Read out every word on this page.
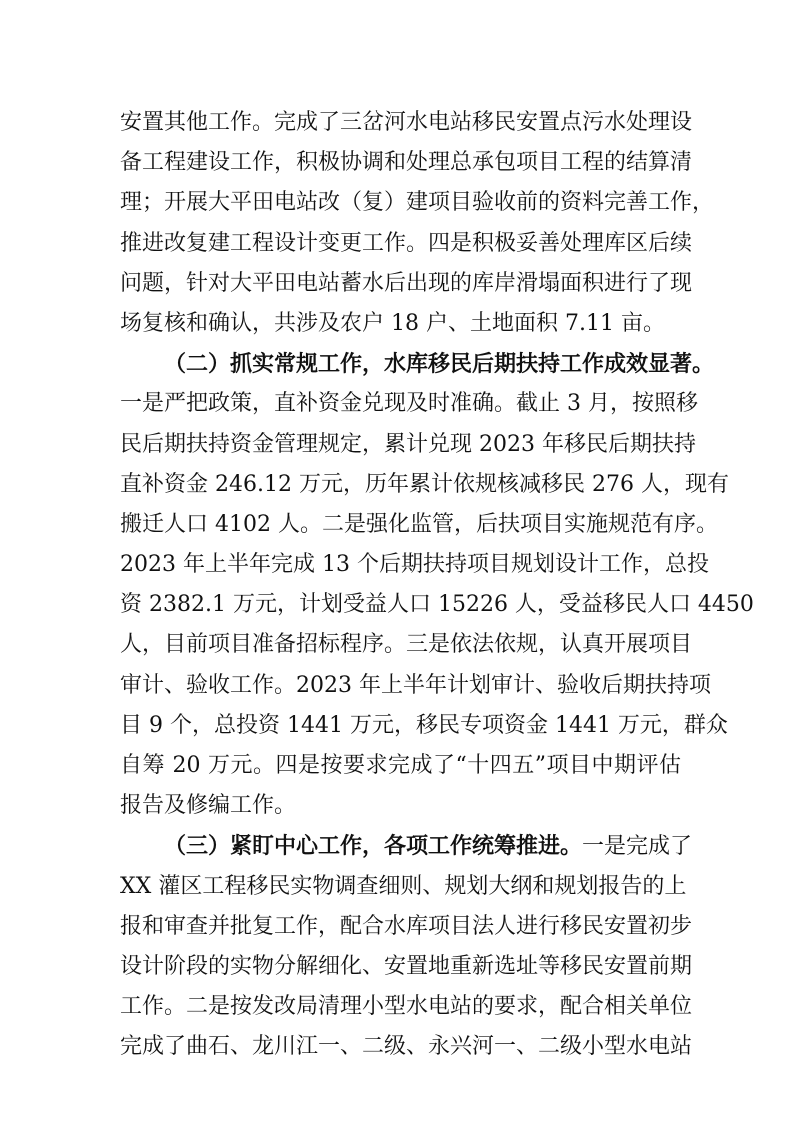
安置其他工作。完成了三岔河水电站移民安置点污水处理设
备工程建设工作，积极协调和处理总承包项目工程的结算清
理；开展大平田电站改（复）建项目验收前的资料完善工作，
推进改复建工程设计变更工作。四是积极妥善处理库区后续
问题，针对大平田电站蓄水后出现的库岸滑塌面积进行了现
场复核和确认，共涉及农户 18 户、土地面积 7.11 亩。
（二）抓实常规工作，水库移民后期扶持工作成效显著。
一是严把政策，直补资金兑现及时准确。截止 3 月，按照移
民后期扶持资金管理规定，累计兑现 2023 年移民后期扶持
直补资金 246.12 万元，历年累计依规核减移民 276 人，现有
搬迁人口 4102 人。二是强化监管，后扶项目实施规范有序。
2023 年上半年完成 13 个后期扶持项目规划设计工作，总投
资 2382.1 万元，计划受益人口 15226 人，受益移民人口 4450
人，目前项目准备招标程序。三是依法依规，认真开展项目
审计、验收工作。2023 年上半年计划审计、验收后期扶持项
目 9 个，总投资 1441 万元，移民专项资金 1441 万元，群众
自筹 20 万元。四是按要求完成了“十四五”项目中期评估
报告及修编工作。
（三）紧盯中心工作，各项工作统筹推进。一是完成了
XX 灌区工程移民实物调查细则、规划大纲和规划报告的上
报和审查并批复工作，配合水库项目法人进行移民安置初步
设计阶段的实物分解细化、安置地重新选址等移民安置前期
工作。二是按发改局清理小型水电站的要求，配合相关单位
完成了曲石、龙川江一、二级、永兴河一、二级小型水电站
